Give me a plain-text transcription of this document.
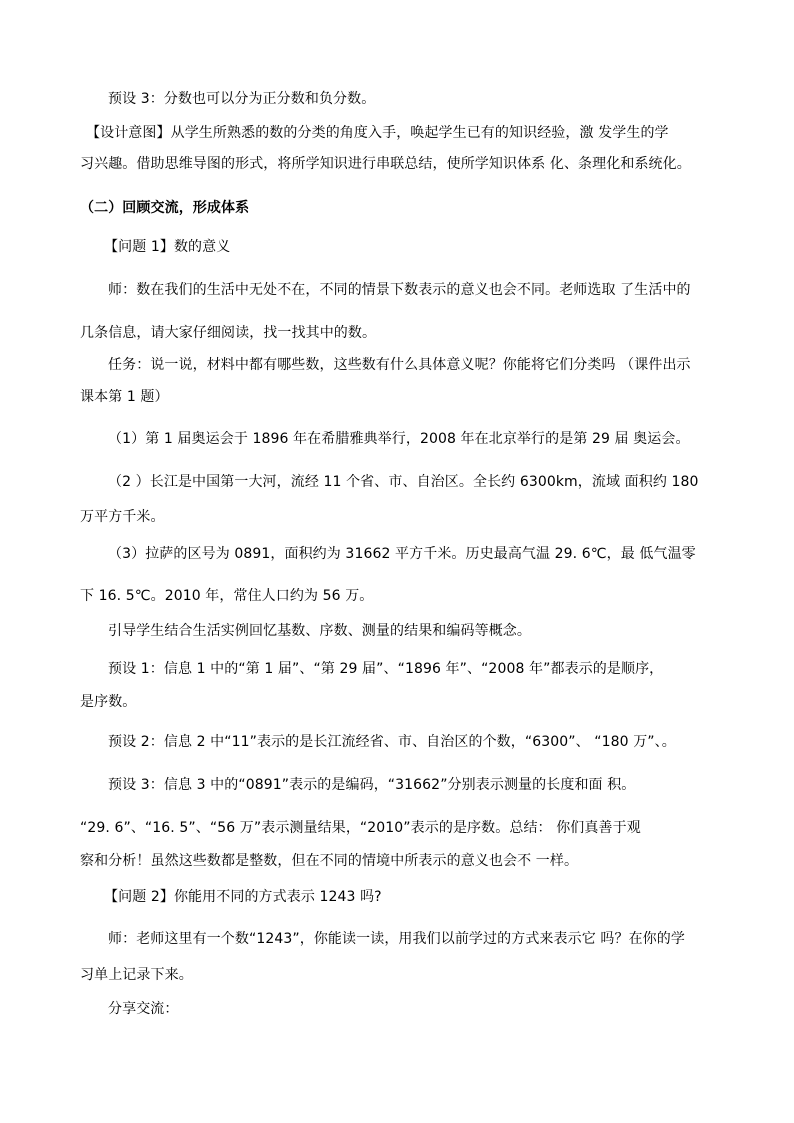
预设 3：分数也可以分为正分数和负分数。
【设计意图】从学生所熟悉的数的分类的角度入手，唤起学生已有的知识经验，激 发学生的学
习兴趣。借助思维导图的形式，将所学知识进行串联总结，使所学知识体系 化、条理化和系统化。
（二）回顾交流，形成体系
【问题 1】数的意义
师：数在我们的生活中无处不在，不同的情景下数表示的意义也会不同。老师选取 了生活中的
几条信息，请大家仔细阅读，找一找其中的数。
任务：说一说，材料中都有哪些数，这些数有什么具体意义呢？你能将它们分类吗 （课件出示
课本第 1 题）
（1）第 1 届奥运会于 1896 年在希腊雅典举行，2008 年在北京举行的是第 29 届 奥运会。
（2 ）长江是中国第一大河，流经 11 个省、市、自治区。全长约 6300km，流域 面积约 180
万平方千米。
（3）拉萨的区号为 0891，面积约为 31662 平方千米。历史最高气温 29. 6℃，最 低气温零
下 16. 5℃。2010 年，常住人口约为 56 万。
引导学生结合生活实例回忆基数、序数、测量的结果和编码等概念。
预设 1：信息 1 中的“第 1 届”、“第 29 届”、“1896 年”、“2008 年”都表示的是顺序，
是序数。
预设 2：信息 2 中“11”表示的是长江流经省、市、自治区的个数，“6300”、 “180 万”、。
预设 3：信息 3 中的“0891”表示的是编码，“31662”分别表示测量的长度和面 积。
“29. 6”、“16. 5”、“56 万”表示测量结果，“2010”表示的是序数。总结： 你们真善于观
察和分析！虽然这些数都是整数，但在不同的情境中所表示的意义也会不 一样。
【问题 2】你能用不同的方式表示 1243 吗?
师：老师这里有一个数“1243”，你能读一读，用我们以前学过的方式来表示它 吗？在你的学
习单上记录下来。
分享交流：
